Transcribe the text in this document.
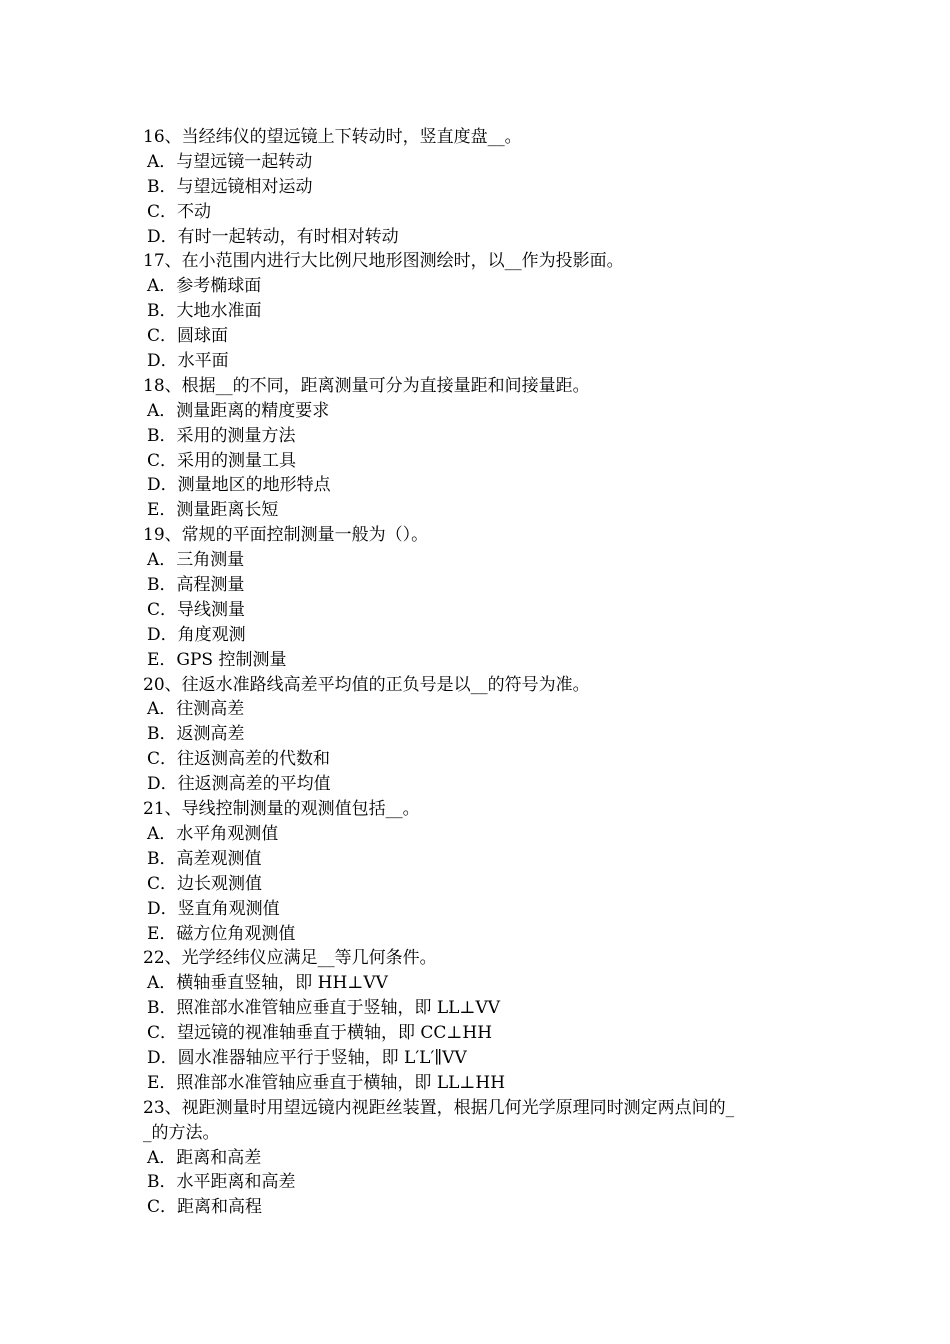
16、当经纬仪的望远镜上下转动时，竖直度盘__。
A．与望远镜一起转动
B．与望远镜相对运动
C．不动
D．有时一起转动，有时相对转动
17、在小范围内进行大比例尺地形图测绘时，以__作为投影面。
A．参考椭球面
B．大地水准面
C．圆球面
D．水平面
18、根据__的不同，距离测量可分为直接量距和间接量距。
A．测量距离的精度要求
B．采用的测量方法
C．采用的测量工具
D．测量地区的地形特点
E．测量距离长短
19、常规的平面控制测量一般为（）。
A．三角测量
B．高程测量
C．导线测量
D．角度观测
E．GPS 控制测量
20、往返水准路线高差平均值的正负号是以__的符号为准。
A．往测高差
B．返测高差
C．往返测高差的代数和
D．往返测高差的平均值
21、导线控制测量的观测值包括__。
A．水平角观测值
B．高差观测值
C．边长观测值
D．竖直角观测值
E．磁方位角观测值
22、光学经纬仪应满足__等几何条件。
A．横轴垂直竖轴，即 HH⊥VV
B．照准部水准管轴应垂直于竖轴，即 LL⊥VV
C．望远镜的视准轴垂直于横轴，即 CC⊥HH
D．圆水准器轴应平行于竖轴，即 L′L′∥VV
E．照准部水准管轴应垂直于横轴，即 LL⊥HH
23、视距测量时用望远镜内视距丝装置，根据几何光学原理同时测定两点间的_
_的方法。
A．距离和高差
B．水平距离和高差
C．距离和高程
